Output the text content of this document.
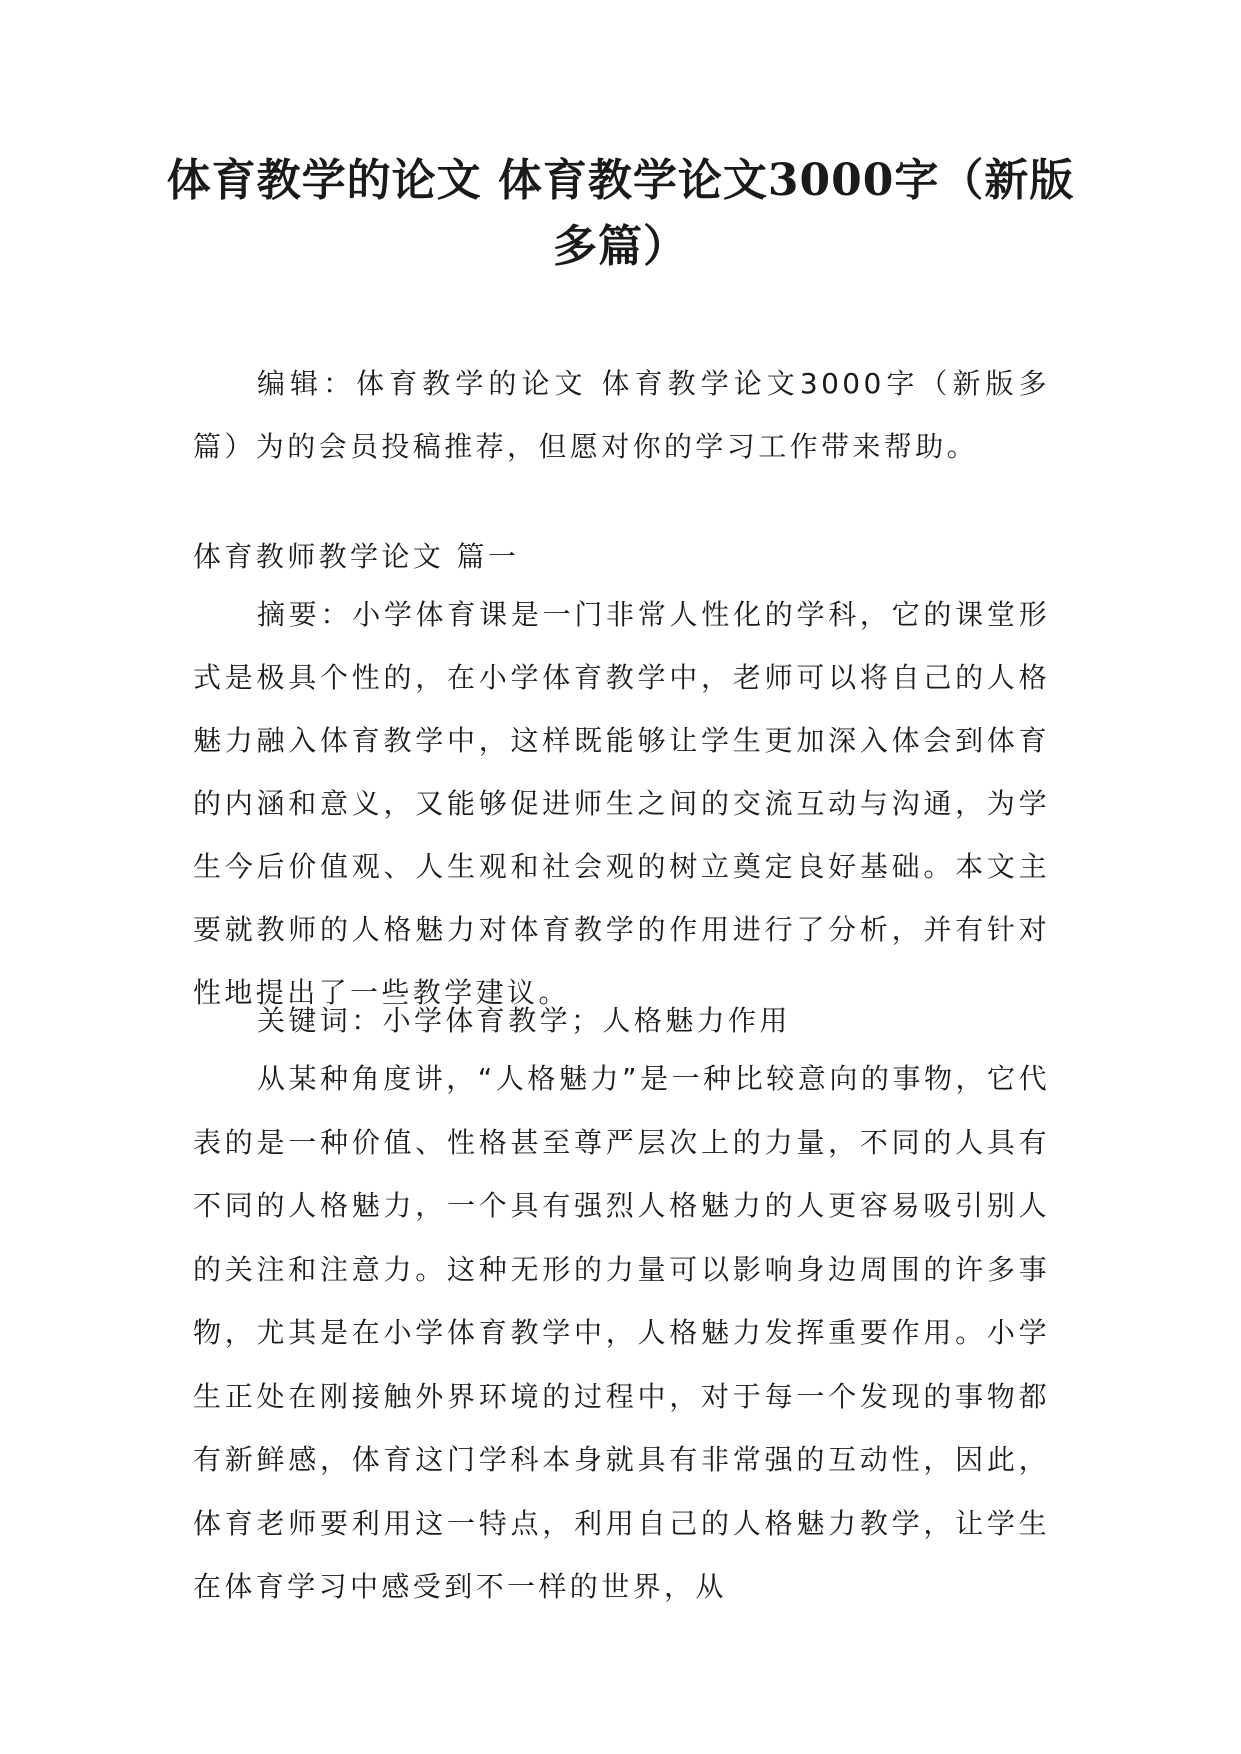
体育教学的论文 体育教学论文3000字（新版多篇）

编辑：体育教学的论文 体育教学论文3000字（新版多篇）为的会员投稿推荐，但愿对你的学习工作带来帮助。

体育教师教学论文 篇一

摘要：小学体育课是一门非常人性化的学科，它的课堂形式是极具个性的，在小学体育教学中，老师可以将自己的人格魅力融入体育教学中，这样既能够让学生更加深入体会到体育的内涵和意义，又能够促进师生之间的交流互动与沟通，为学生今后价值观、人生观和社会观的树立奠定良好基础。本文主要就教师的人格魅力对体育教学的作用进行了分析，并有针对性地提出了一些教学建议。

关键词：小学体育教学；人格魅力作用

从某种角度讲，“人格魅力”是一种比较意向的事物，它代表的是一种价值、性格甚至尊严层次上的力量，不同的人具有不同的人格魅力，一个具有强烈人格魅力的人更容易吸引别人的关注和注意力。这种无形的力量可以影响身边周围的许多事物，尤其是在小学体育教学中，人格魅力发挥重要作用。小学生正处在刚接触外界环境的过程中，对于每一个发现的事物都有新鲜感，体育这门学科本身就具有非常强的互动性，因此，体育老师要利用这一特点，利用自己的人格魅力教学，让学生在体育学习中感受到不一样的世界，从
